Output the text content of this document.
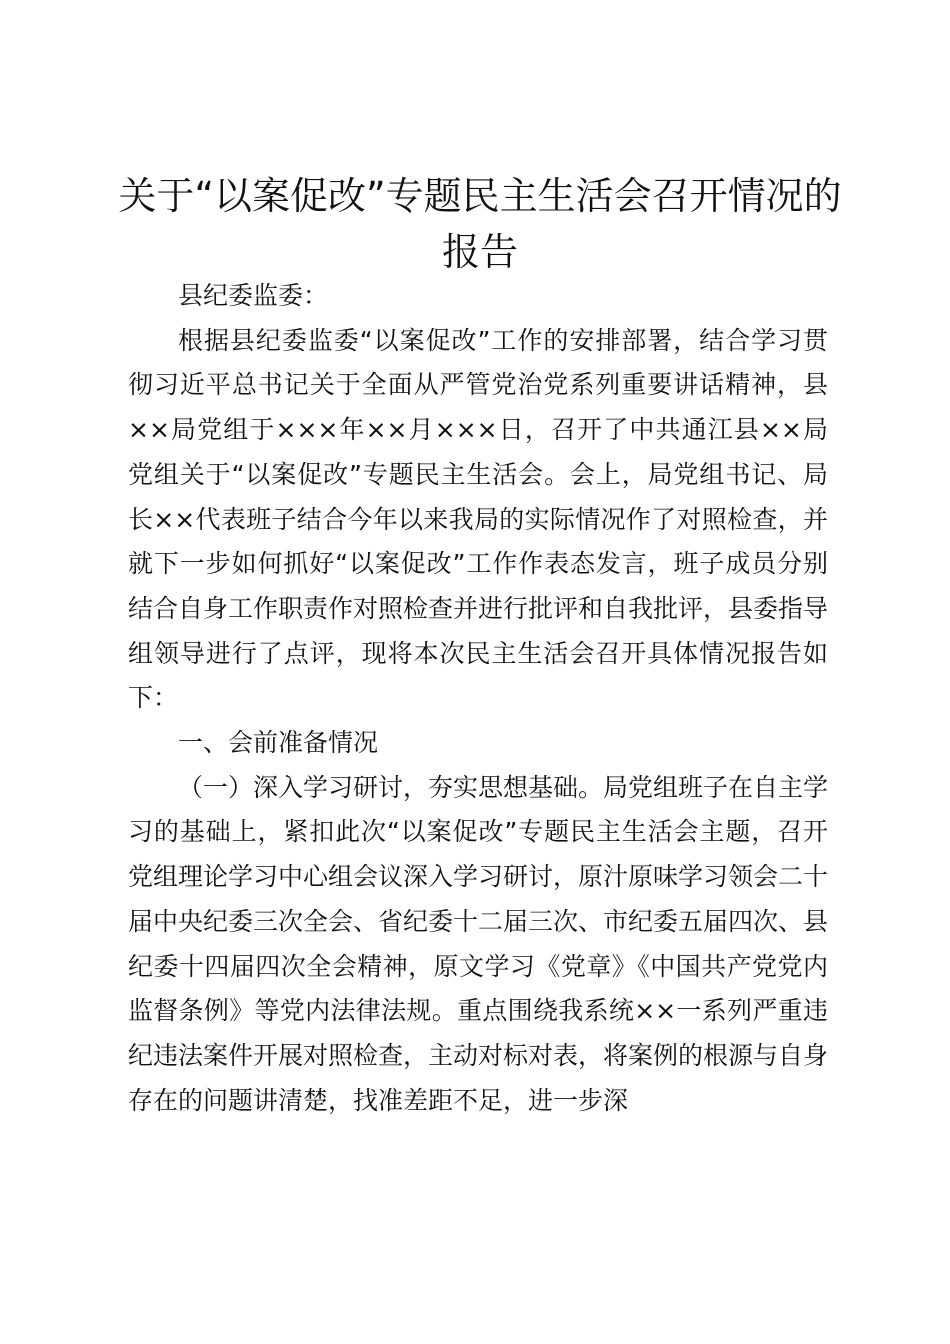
关于“以案促改”专题民主生活会召开情况的报告

县纪委监委：

根据县纪委监委“以案促改”工作的安排部署，结合学习贯彻习近平总书记关于全面从严管党治党系列重要讲话精神，县××局党组于×××年××月×××日，召开了中共通江县××局党组关于“以案促改”专题民主生活会。会上，局党组书记、局长××代表班子结合今年以来我局的实际情况作了对照检查，并就下一步如何抓好“以案促改”工作作表态发言，班子成员分别结合自身工作职责作对照检查并进行批评和自我批评，县委指导组领导进行了点评，现将本次民主生活会召开具体情况报告如下：

一、会前准备情况

（一）深入学习研讨，夯实思想基础。局党组班子在自主学习的基础上，紧扣此次“以案促改”专题民主生活会主题，召开党组理论学习中心组会议深入学习研讨，原汁原味学习领会二十届中央纪委三次全会、省纪委十二届三次、市纪委五届四次、县纪委十四届四次全会精神，原文学习《党章》《中国共产党党内监督条例》等党内法律法规。重点围绕我系统××一系列严重违纪违法案件开展对照检查，主动对标对表，将案例的根源与自身存在的问题讲清楚，找准差距不足，进一步深
